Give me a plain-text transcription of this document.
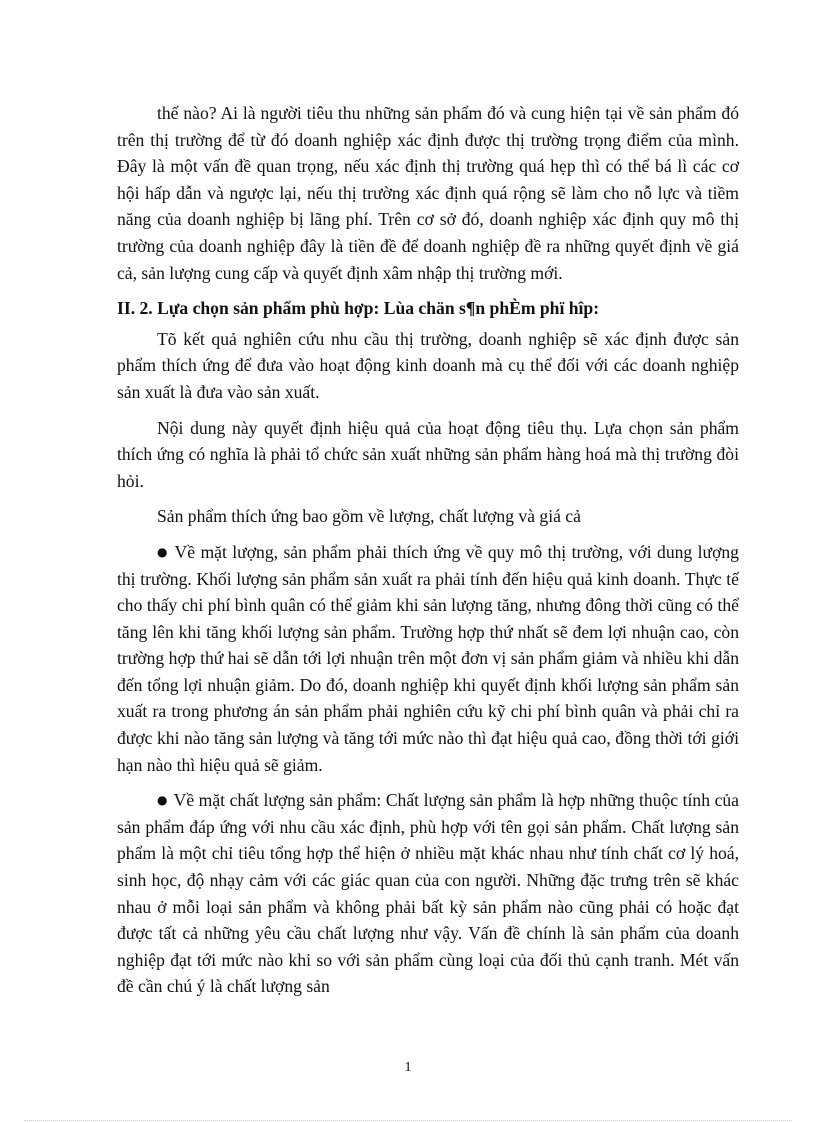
thế nào? Ai là người tiêu thu những sản phẩm đó và cung hiện tại về sản phẩm đó trên thị trường để từ đó doanh nghiệp xác định được thị trường trọng điểm của mình. Đây là một vấn đề quan trọng, nếu xác định thị trường quá hẹp thì có thể bá lì các cơ hội hấp dẫn và ngược lại, nếu thị trường xác định quá rộng sẽ làm cho nỗ lực và tiềm năng của doanh nghiệp bị lãng phí. Trên cơ sở đó, doanh nghiệp xác định quy mô thị trường của doanh nghiệp đây là tiền đề để doanh nghiệp đề ra những quyết định về giá cả, sản lượng cung cấp và quyết định xâm nhập thị trường mới.

II. 2. Lựa chọn sản phẩm phù hợp: Lùa chän s¶n phÈm phï hîp:

Tõ kết quả nghiên cứu nhu cầu thị trường, doanh nghiệp sẽ xác định được sản phẩm thích ứng để đưa vào hoạt động kinh doanh mà cụ thể đối với các doanh nghiệp sản xuất là đưa vào sản xuất.

Nội dung này quyết định hiệu quả của hoạt động tiêu thụ. Lựa chọn sản phẩm thích ứng có nghĩa là phải tổ chức sản xuất những sản phẩm hàng hoá mà thị trường đòi hỏi.

Sản phẩm thích ứng bao gồm về lượng, chất lượng và giá cả

● Về mặt lượng, sản phẩm phải thích ứng về quy mô thị trường, với dung lượng thị trường. Khối lượng sản phẩm sản xuất ra phải tính đến hiệu quả kinh doanh. Thực tế cho thấy chi phí bình quân có thể giảm khi sản lượng tăng, nhưng đông thời cũng có thể tăng lên khi tăng khối lượng sản phẩm. Trường hợp thứ nhất sẽ đem lợi nhuận cao, còn trường hợp thứ hai sẽ dẫn tới lợi nhuận trên một đơn vị sản phẩm giảm và nhiều khi dẫn đến tổng lợi nhuận giảm. Do đó, doanh nghiệp khi quyết định khối lượng sản phẩm sản xuất ra trong phương án sản phẩm phải nghiên cứu kỹ chi phí bình quân và phải chỉ ra được khi nào tăng sản lượng và tăng tới mức nào thì đạt hiệu quả cao, đồng thời tới giới hạn nào thì hiệu quả sẽ giảm.

● Về mặt chất lượng sản phẩm: Chất lượng sản phẩm là hợp những thuộc tính của sản phẩm đáp ứng với nhu cầu xác định, phù hợp với tên gọi sản phẩm. Chất lượng sản phẩm là một chỉ tiêu tổng hợp thể hiện ở nhiều mặt khác nhau như tính chất cơ lý hoá, sinh học, độ nhạy cảm với các giác quan của con người. Những đặc trưng trên sẽ khác nhau ở mỗi loại sản phẩm và không phải bất kỳ sản phẩm nào cũng phải có hoặc đạt được tất cả những yêu cầu chất lượng như vậy. Vấn đề chính là sản phẩm của doanh nghiệp đạt tới mức nào khi so với sản phẩm cùng loại của đối thủ cạnh tranh. Mét vấn đề cần chú ý là chất lượng sản

1
